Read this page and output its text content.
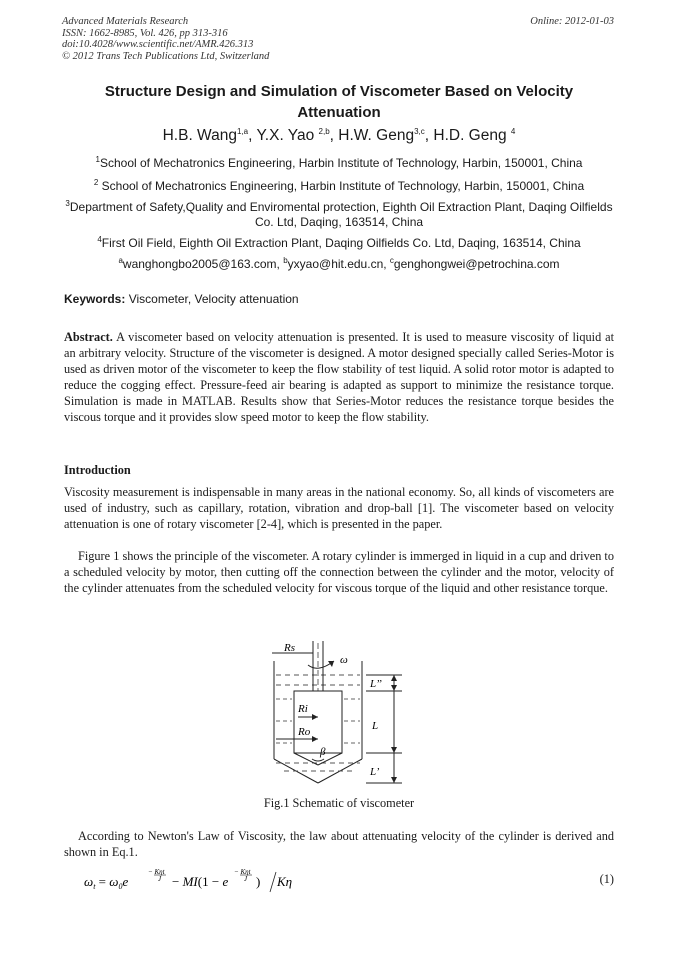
Advanced Materials Research
ISSN: 1662-8985, Vol. 426, pp 313-316
doi:10.4028/www.scientific.net/AMR.426.313
© 2012 Trans Tech Publications Ltd, Switzerland
Online: 2012-01-03
Structure Design and Simulation of Viscometer Based on Velocity Attenuation
H.B. Wang$^{1,a}$, Y.X. Yao $^{2,b}$, H.W. Geng$^{3,c}$, H.D. Geng $^4$
$^1$School of Mechatronics Engineering, Harbin Institute of Technology, Harbin, 150001, China
$^2$ School of Mechatronics Engineering, Harbin Institute of Technology, Harbin, 150001, China
$^3$Department of Safety,Quality and Enviromental protection, Eighth Oil Extraction Plant, Daqing Oilfields Co. Ltd, Daqing, 163514, China
$^4$First Oil Field, Eighth Oil Extraction Plant, Daqing Oilfields Co. Ltd, Daqing, 163514, China
$^a$wanghongbo2005@163.com, $^b$yxyao@hit.edu.cn, $^c$genghongwei@petrochina.com
Keywords: Viscometer, Velocity attenuation
Abstract. A viscometer based on velocity attenuation is presented. It is used to measure viscosity of liquid at an arbitrary velocity. Structure of the viscometer is designed. A motor designed specially called Series-Motor is used as driven motor of the viscometer to keep the flow stability of test liquid. A solid rotor motor is adapted to reduce the cogging effect. Pressure-feed air bearing is adapted as support to minimize the resistance torque. Simulation is made in MATLAB. Results show that Series-Motor reduces the resistance torque besides the viscous torque and it provides slow speed motor to keep the flow stability.
Introduction
Viscosity measurement is indispensable in many areas in the national economy. So, all kinds of viscometers are used of industry, such as capillary, rotation, vibration and drop-ball [1]. The viscometer based on velocity attenuation is one of rotary viscometer [2-4], which is presented in the paper.
Figure 1 shows the principle of the viscometer. A rotary cylinder is immerged in liquid in a cup and driven to a scheduled velocity by motor, then cutting off the connection between the cylinder and the motor, velocity of the cylinder attenuates from the scheduled velocity for viscous torque of the liquid and other resistance torque.
Rs
ω
Ri
Ro
β
L’’
L
L’
Fig.1 Schematic of viscometer
According to Newton's Law of Viscosity, the law about attenuating velocity of the cylinder is derived and shown in Eq.1.
$\omega_t = \omega_0e$
− Kηt
J − MI(1 − e
− Kηt
J ) Kη	(1)
